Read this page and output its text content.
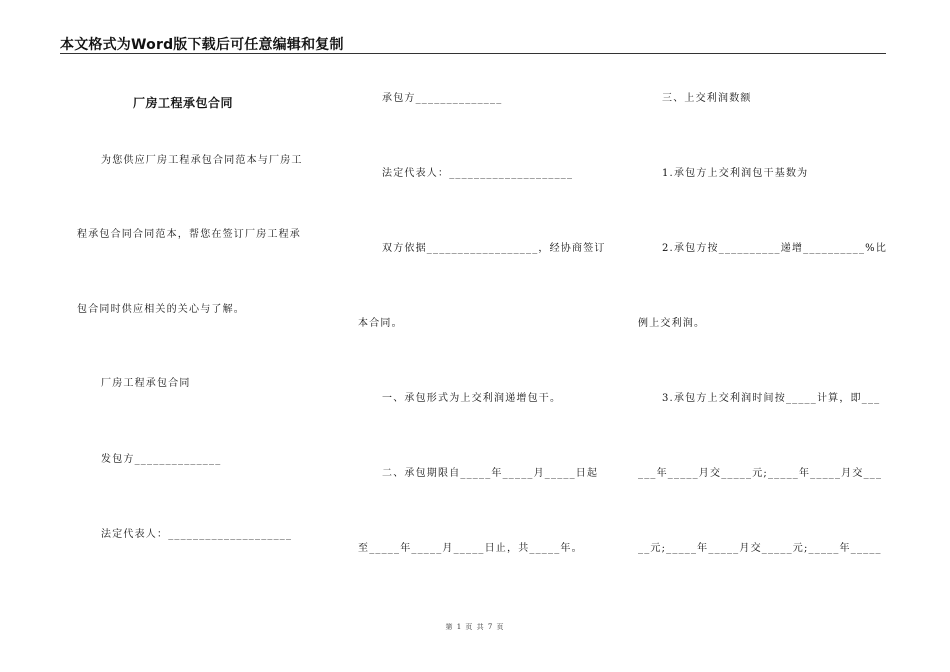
本文格式为Word版下载后可任意编辑和复制
厂房工程承包合同
为您供应厂房工程承包合同范本与厂房工
程承包合同合同范本，帮您在签订厂房工程承
包合同时供应相关的关心与了解。
厂房工程承包合同
发包方______________
法定代表人：____________________
承包方______________
法定代表人：____________________
双方依据__________________，经协商签订
本合同。
一、承包形式为上交利润递增包干。
二、承包期限自_____年_____月_____日起
至_____年_____月_____日止，共_____年。
三、上交利润数额
1.承包方上交利润包干基数为
2.承包方按__________递增__________%比
例上交利润。
3.承包方上交利润时间按_____计算，即___
___年_____月交_____元;_____年_____月交___
__元;_____年_____月交_____元;_____年_____
第 1 页 共 7 页
